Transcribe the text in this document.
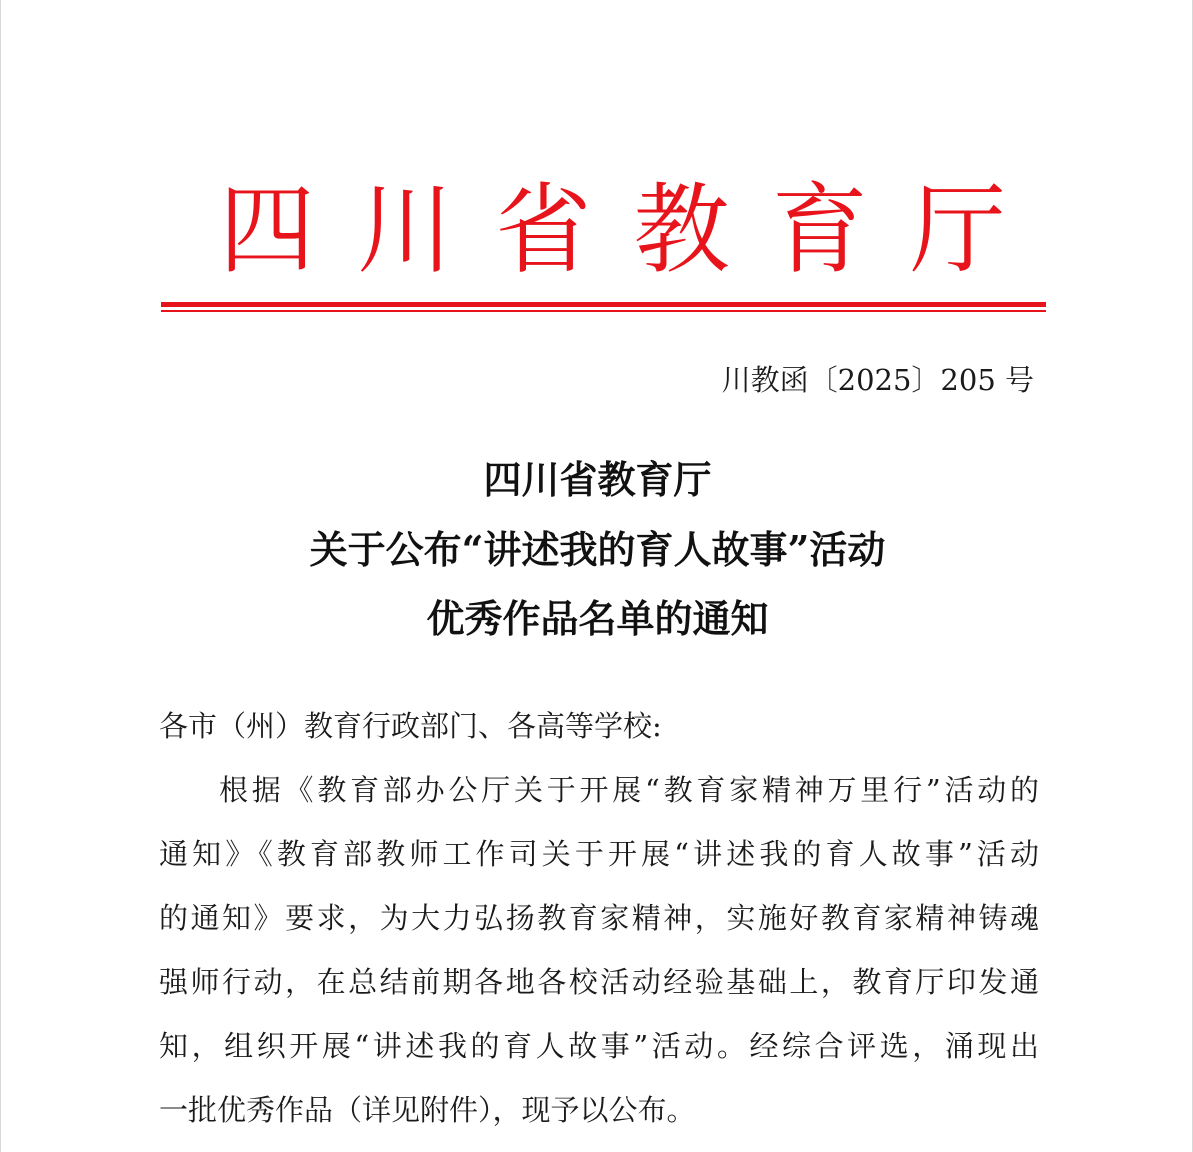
四 川 省 教 育 厅
川教函〔2025〕205 号
四川省教育厅
关于公布“讲述我的育人故事”活动
优秀作品名单的通知
各市（州）教育行政部门、各高等学校:
根据《教育部办公厅关于开展“教育家精神万里行”活动的
通知》《教育部教师工作司关于开展“讲述我的育人故事”活动
的通知》要求，为大力弘扬教育家精神，实施好教育家精神铸魂
强师行动，在总结前期各地各校活动经验基础上，教育厅印发通
知，组织开展“讲述我的育人故事”活动。经综合评选，涌现出
一批优秀作品（详见附件），现予以公布。
